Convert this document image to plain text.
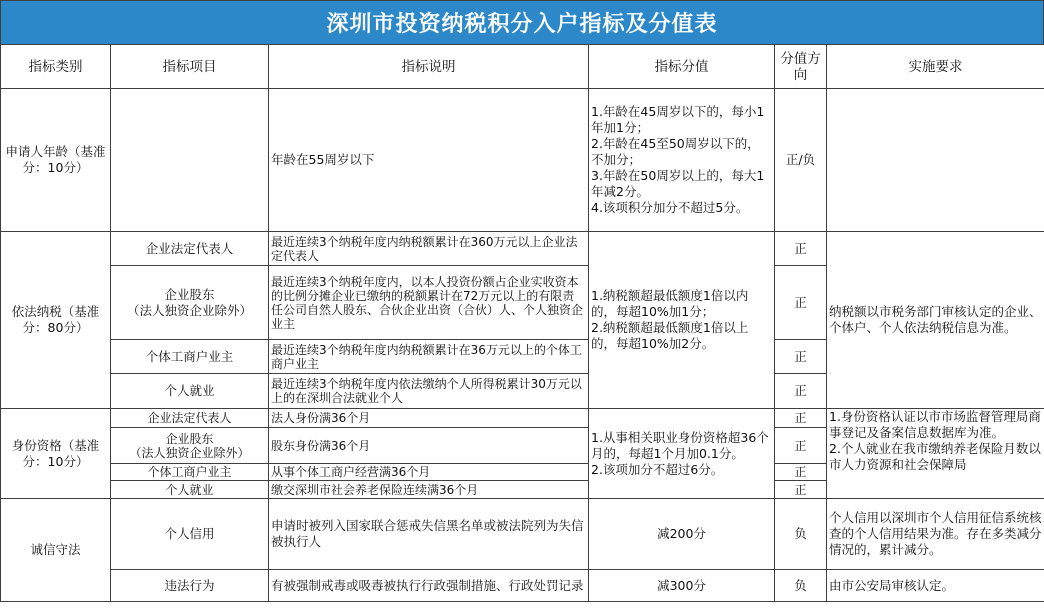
深圳市投资纳税积分入户指标及分值表
指标类别	指标项目	指标说明	指标分值	分值方向	实施要求
申请人年龄（基准分：10分）		年龄在55周岁以下	1.年龄在45周岁以下的，每小1年加1分；
2.年龄在45至50周岁以下的，不加分；
3.年龄在50周岁以上的，每大1年减2分。
4.该项积分加分不超过5分。	正/负	
依法纳税（基准分：80分）	企业法定代表人	最近连续3个纳税年度内纳税额累计在360万元以上企业法定代表人	1.纳税额超最低额度1倍以内的，每超10%加1分；
2.纳税额超最低额度1倍以上的，每超10%加2分。	正	纳税额以市税务部门审核认定的企业、个体户、个人依法纳税信息为准。
	企业股东
（法人独资企业除外）	最近连续3个纳税年度内，以本人投资份额占企业实收资本的比例分摊企业已缴纳的税额累计在72万元以上的有限责任公司自然人股东、合伙企业出资（合伙）人、个人独资企业主		正	
	个体工商户业主	最近连续3个纳税年度内纳税额累计在36万元以上的个体工商户业主		正	
	个人就业	最近连续3个纳税年度内依法缴纳个人所得税累计30万元以上的在深圳合法就业个人		正	
身份资格（基准分：10分）	企业法定代表人	法人身份满36个月	1.从事相关职业身份资格超36个月的，每超1个月加0.1分。
2.该项加分不超过6分。	正	1.身份资格认证以市市场监督管理局商事登记及备案信息数据库为准。
2.个人就业在我市缴纳养老保险月数以市人力资源和社会保障局
	企业股东
（法人独资企业除外）	股东身份满36个月		正	
	个体工商户业主	从事个体工商户经营满36个月		正	
	个人就业	缴交深圳市社会养老保险连续满36个月		正	
诚信守法	个人信用	申请时被列入国家联合惩戒失信黑名单或被法院列为失信被执行人	减200分	负	个人信用以深圳市个人信用征信系统核查的个人信用结果为准。存在多类减分情况的，累计减分。
	违法行为	有被强制戒毒或吸毒被执行行政强制措施、行政处罚记录	减300分	负	由市公安局审核认定。
